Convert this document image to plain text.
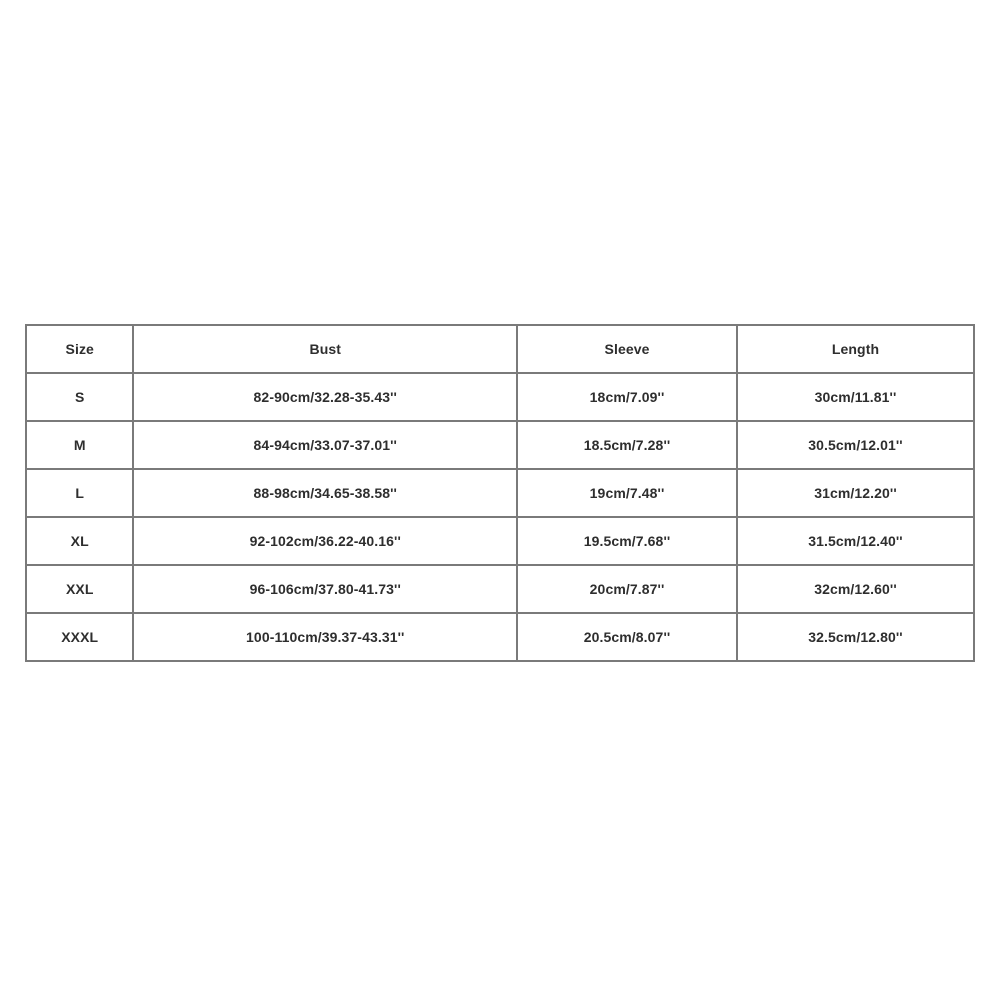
Size	Bust	Sleeve	Length
S	82-90cm/32.28-35.43''	18cm/7.09''	30cm/11.81''
M	84-94cm/33.07-37.01''	18.5cm/7.28''	30.5cm/12.01''
L	88-98cm/34.65-38.58''	19cm/7.48''	31cm/12.20''
XL	92-102cm/36.22-40.16''	19.5cm/7.68''	31.5cm/12.40''
XXL	96-106cm/37.80-41.73''	20cm/7.87''	32cm/12.60''
XXXL	100-110cm/39.37-43.31''	20.5cm/8.07''	32.5cm/12.80''
